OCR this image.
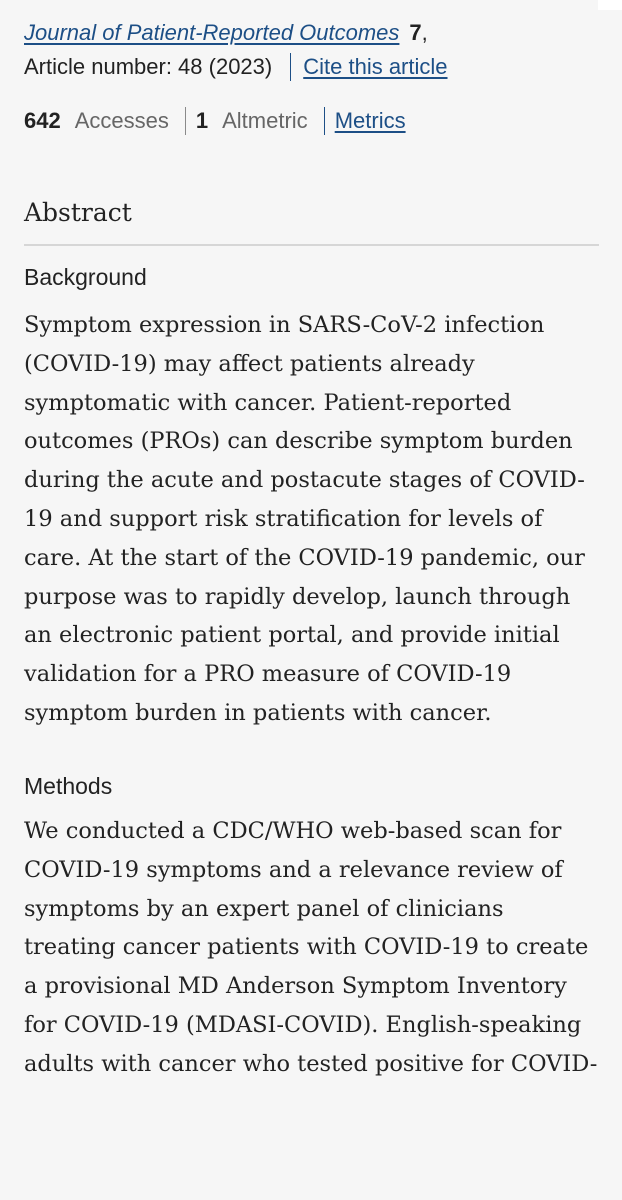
Journal of Patient-Reported Outcomes 7,
Article number: 48 (2023) Cite this article
642 Accesses 1 Altmetric Metrics
Abstract
Background

Symptom expression in SARS-CoV-2 infection (COVID-19) may affect patients already symptomatic with cancer. Patient-reported outcomes (PROs) can describe symptom burden during the acute and postacute stages of COVID-19 and support risk stratification for levels of care. At the start of the COVID-19 pandemic, our purpose was to rapidly develop, launch through an electronic patient portal, and provide initial validation for a PRO measure of COVID-19 symptom burden in patients with cancer.

Methods

We conducted a CDC/WHO web-based scan for COVID-19 symptoms and a relevance review of symptoms by an expert panel of clinicians treating cancer patients with COVID-19 to create a provisional MD Anderson Symptom Inventory for COVID-19 (MDASI-COVID). English-speaking adults with cancer who tested positive for COVID-
